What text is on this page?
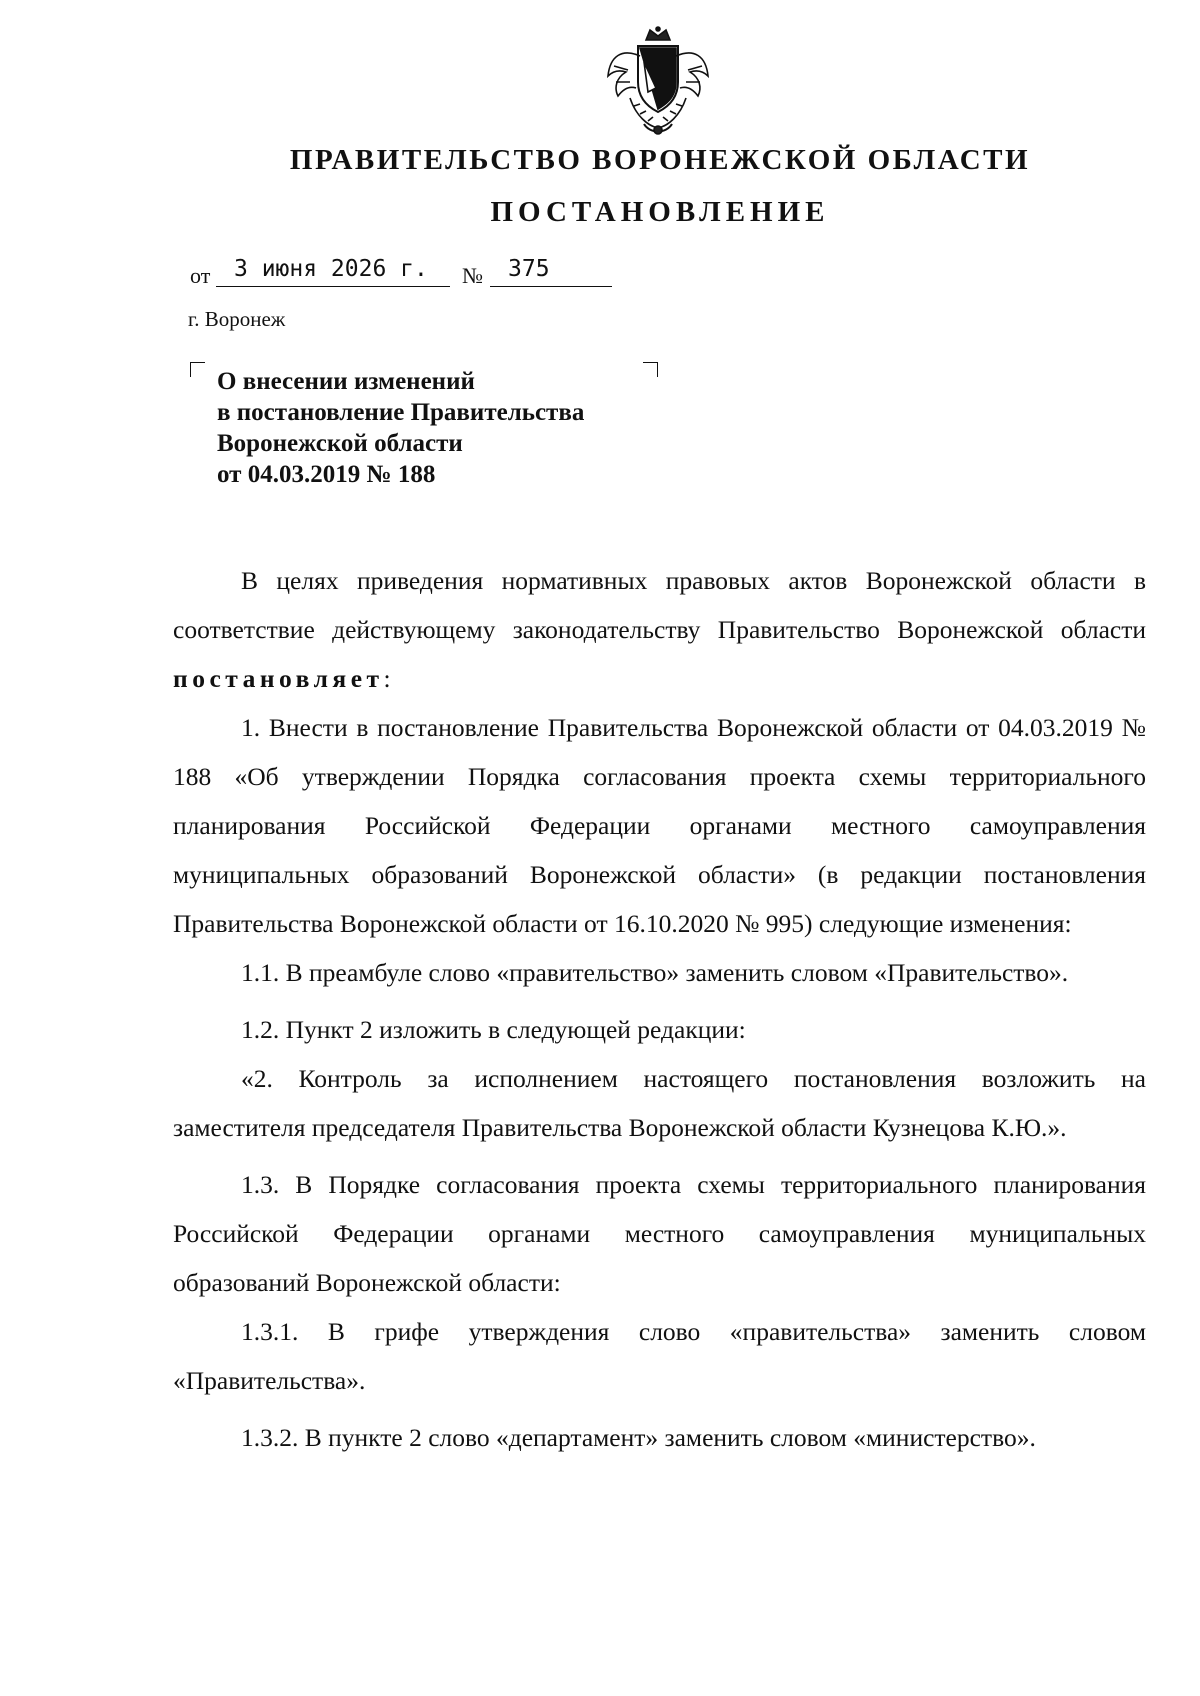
ПРАВИТЕЛЬСТВО ВОРОНЕЖСКОЙ ОБЛАСТИ
ПОСТАНОВЛЕНИЕ
от 3 июня 2026 г. № 375
г. Воронеж
О внесении изменений
в постановление Правительства
Воронежской области
от 04.03.2019 № 188

В целях приведения нормативных правовых актов Воронежской области в соответствие действующему законодательству Правительство Воронежской области постановляет:

1. Внести в постановление Правительства Воронежской области от 04.03.2019 № 188 «Об утверждении Порядка согласования проекта схемы территориального планирования Российской Федерации органами местного самоуправления муниципальных образований Воронежской области» (в редакции постановления Правительства Воронежской области от 16.10.2020 № 995) следующие изменения:

1.1. В преамбуле слово «правительство» заменить словом «Правительство».

1.2. Пункт 2 изложить в следующей редакции:

«2. Контроль за исполнением настоящего постановления возложить на заместителя председателя Правительства Воронежской области Кузнецова К.Ю.».

1.3. В Порядке согласования проекта схемы территориального планирования Российской Федерации органами местного самоуправления муниципальных образований Воронежской области:

1.3.1. В грифе утверждения слово «правительства» заменить словом «Правительства».

1.3.2. В пункте 2 слово «департамент» заменить словом «министерство».
